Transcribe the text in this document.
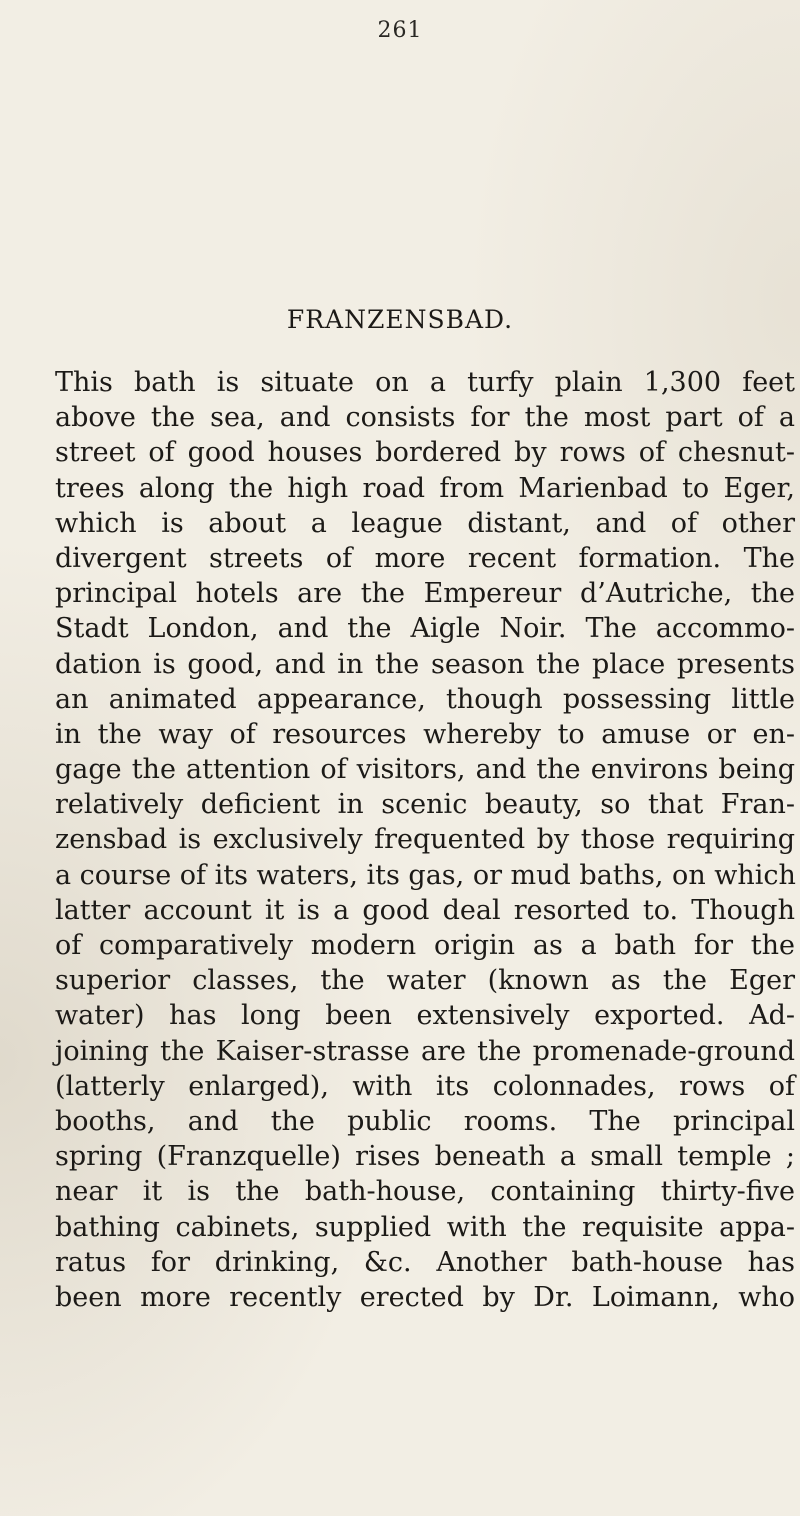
261
FRANZENSBAD.
This bath is situate on a turfy plain 1,300 feet
above the sea, and consists for the most part of a
street of good houses bordered by rows of chesnut-
trees along the high road from Marienbad to Eger,
which is about a league distant, and of other
divergent streets of more recent formation. The
principal hotels are the Empereur d’Autriche, the
Stadt London, and the Aigle Noir. The accommo-
dation is good, and in the season the place presents
an animated appearance, though possessing little
in the way of resources whereby to amuse or en-
gage the attention of visitors, and the environs being
relatively deficient in scenic beauty, so that Fran-
zensbad is exclusively frequented by those requiring
a course of its waters, its gas, or mud baths, on which
latter account it is a good deal resorted to. Though
of comparatively modern origin as a bath for the
superior classes, the water (known as the Eger
water) has long been extensively exported. Ad-
joining the Kaiser-strasse are the promenade-ground
(latterly enlarged), with its colonnades, rows of
booths, and the public rooms. The principal
spring (Franzquelle) rises beneath a small temple ;
near it is the bath-house, containing thirty-five
bathing cabinets, supplied with the requisite appa-
ratus for drinking, &c. Another bath-house has
been more recently erected by Dr. Loimann, who
